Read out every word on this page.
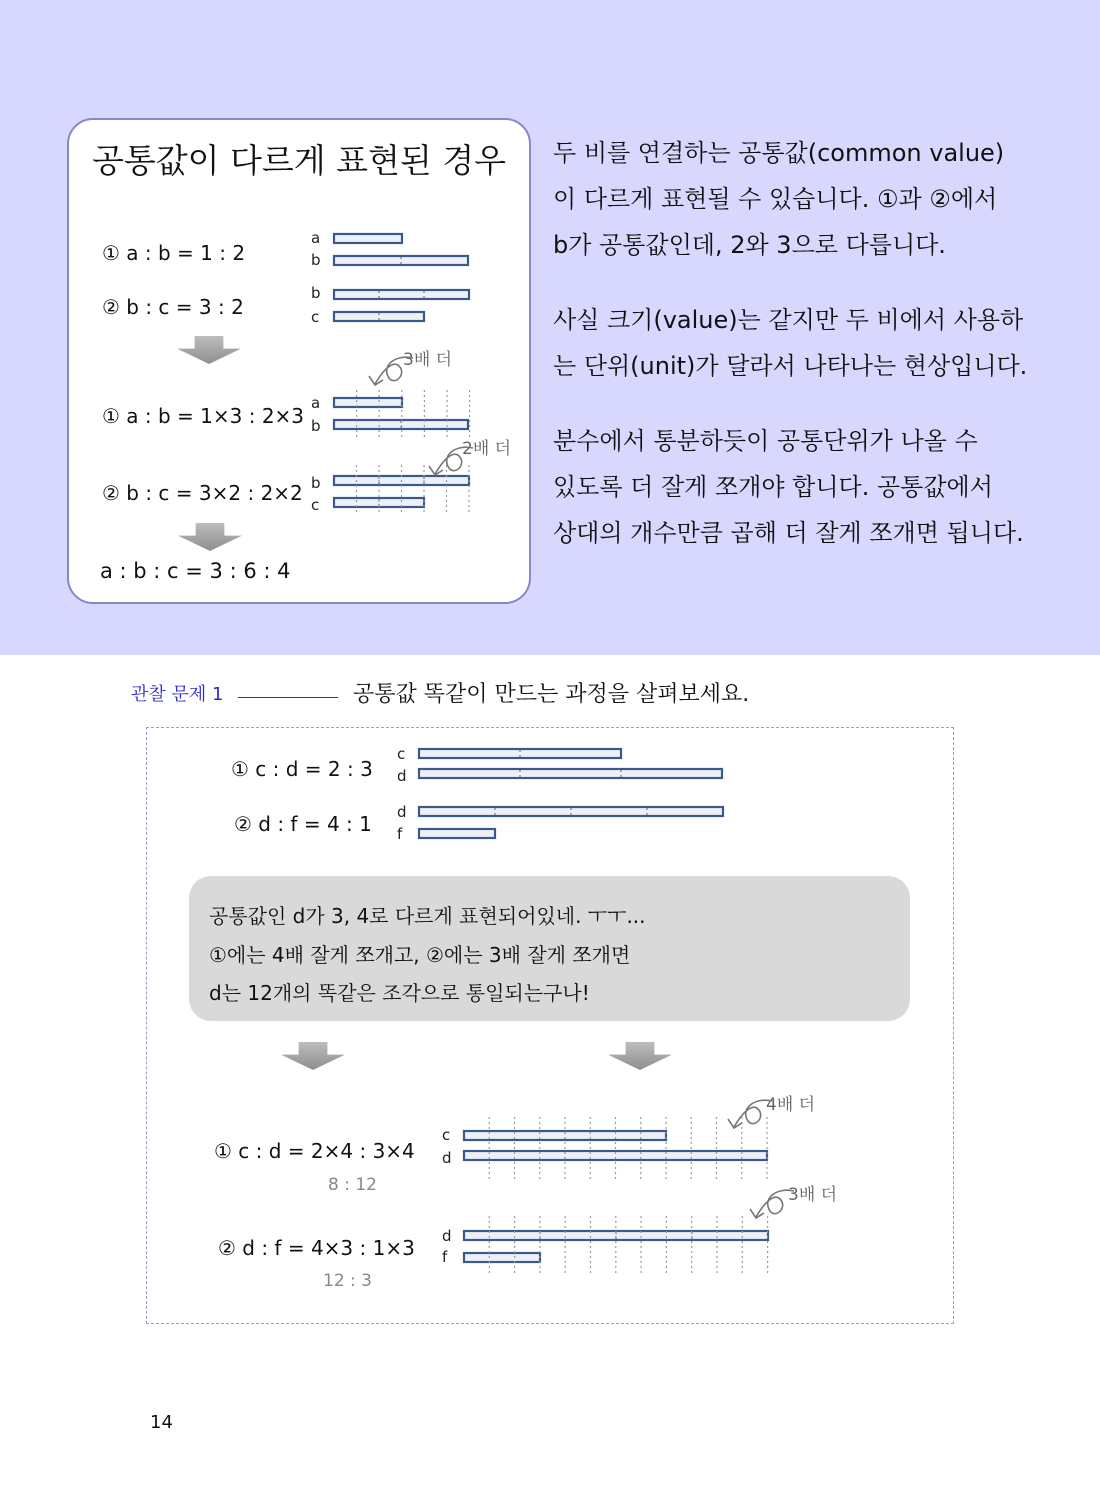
공통값이 다르게 표현된 경우
① a : b = 1 : 2
② b : c = 3 : 2
① a : b = 1×3 : 2×3
② b : c = 3×2 : 2×2
a : b : c = 3 : 6 : 4
a
b
b
c
a
b
b
c
3배 더
2배 더

두 비를 연결하는 공통값(common value)

이 다르게 표현될 수 있습니다. ①과 ②에서

b가 공통값인데, 2와 3으로 다릅니다.

사실 크기(value)는 같지만 두 비에서 사용하

는 단위(unit)가 달라서 나타나는 현상입니다.

분수에서 통분하듯이 공통단위가 나올 수

있도록 더 잘게 쪼개야 합니다. 공통값에서

상대의 개수만큼 곱해 더 잘게 쪼개면 됩니다.

관찰 문제 1	공통값 똑같이 만드는 과정을 살펴보세요.
① c : d = 2 : 3
② d : f = 4 : 1
c
d
d
f

공통값인 d가 3, 4로 다르게 표현되어있네. ㅜㅜ...

①에는 4배 잘게 쪼개고, ②에는 3배 잘게 쪼개면

d는 12개의 똑같은 조각으로 통일되는구나!

① c : d = 2×4 : 3×4
8 : 12
② d : f = 4×3 : 1×3
12 : 3
c
d
d
f
4배 더
3배 더
14
